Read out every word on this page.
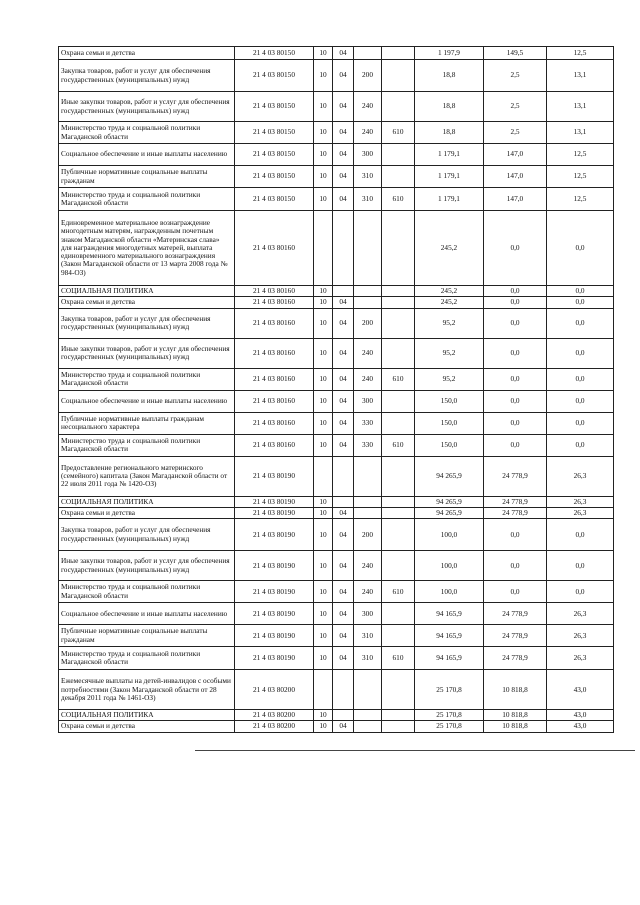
Охрана семьи и детства	21 4 03 80150	10	04			1 197,9	149,5	12,5
Закупка товаров, работ и услуг для обеспечения государственных (муниципальных) нужд	21 4 03 80150	10	04	200		18,8	2,5	13,1
Иные закупки товаров, работ и услуг для обеспечения государственных (муниципальных) нужд	21 4 03 80150	10	04	240		18,8	2,5	13,1
Министерство труда и социальной политики Магаданской области	21 4 03 80150	10	04	240	610	18,8	2,5	13,1
Социальное обеспечение и иные выплаты населению	21 4 03 80150	10	04	300		1 179,1	147,0	12,5
Публичные нормативные социальные выплаты гражданам	21 4 03 80150	10	04	310		1 179,1	147,0	12,5
Министерство труда и социальной политики Магаданской области	21 4 03 80150	10	04	310	610	1 179,1	147,0	12,5
Единовременное материальное вознаграждение многодетным матерям, награжденным почетным знаком Магаданской области «Материнская слава» для награждения многодетных матерей, выплата единовременного материального вознаграждения (Закон Магаданской области от 13 марта 2008 года № 984-ОЗ)	21 4 03 80160					245,2	0,0	0,0
СОЦИАЛЬНАЯ ПОЛИТИКА	21 4 03 80160	10				245,2	0,0	0,0
Охрана семьи и детства	21 4 03 80160	10	04			245,2	0,0	0,0
Закупка товаров, работ и услуг для обеспечения государственных (муниципальных) нужд	21 4 03 80160	10	04	200		95,2	0,0	0,0
Иные закупки товаров, работ и услуг для обеспечения государственных (муниципальных) нужд	21 4 03 80160	10	04	240		95,2	0,0	0,0
Министерство труда и социальной политики Магаданской области	21 4 03 80160	10	04	240	610	95,2	0,0	0,0
Социальное обеспечение и иные выплаты населению	21 4 03 80160	10	04	300		150,0	0,0	0,0
Публичные нормативные выплаты гражданам несоциального характера	21 4 03 80160	10	04	330		150,0	0,0	0,0
Министерство труда и социальной политики Магаданской области	21 4 03 80160	10	04	330	610	150,0	0,0	0,0
Предоставление регионального материнского (семейного) капитала (Закон Магаданской области от 22 июля 2011 года № 1420-ОЗ)	21 4 03 80190					94 265,9	24 778,9	26,3
СОЦИАЛЬНАЯ ПОЛИТИКА	21 4 03 80190	10				94 265,9	24 778,9	26,3
Охрана семьи и детства	21 4 03 80190	10	04			94 265,9	24 778,9	26,3
Закупка товаров, работ и услуг для обеспечения государственных (муниципальных) нужд	21 4 03 80190	10	04	200		100,0	0,0	0,0
Иные закупки товаров, работ и услуг для обеспечения государственных (муниципальных) нужд	21 4 03 80190	10	04	240		100,0	0,0	0,0
Министерство труда и социальной политики Магаданской области	21 4 03 80190	10	04	240	610	100,0	0,0	0,0
Социальное обеспечение и иные выплаты населению	21 4 03 80190	10	04	300		94 165,9	24 778,9	26,3
Публичные нормативные социальные выплаты гражданам	21 4 03 80190	10	04	310		94 165,9	24 778,9	26,3
Министерство труда и социальной политики Магаданской области	21 4 03 80190	10	04	310	610	94 165,9	24 778,9	26,3
Ежемесячные выплаты на детей-инвалидов с особыми потребностями (Закон Магаданской области от 28 декабря 2011 года № 1461-ОЗ)	21 4 03 80200					25 170,8	10 818,8	43,0
СОЦИАЛЬНАЯ ПОЛИТИКА	21 4 03 80200	10				25 170,8	10 818,8	43,0
Охрана семьи и детства	21 4 03 80200	10	04			25 170,8	10 818,8	43,0
